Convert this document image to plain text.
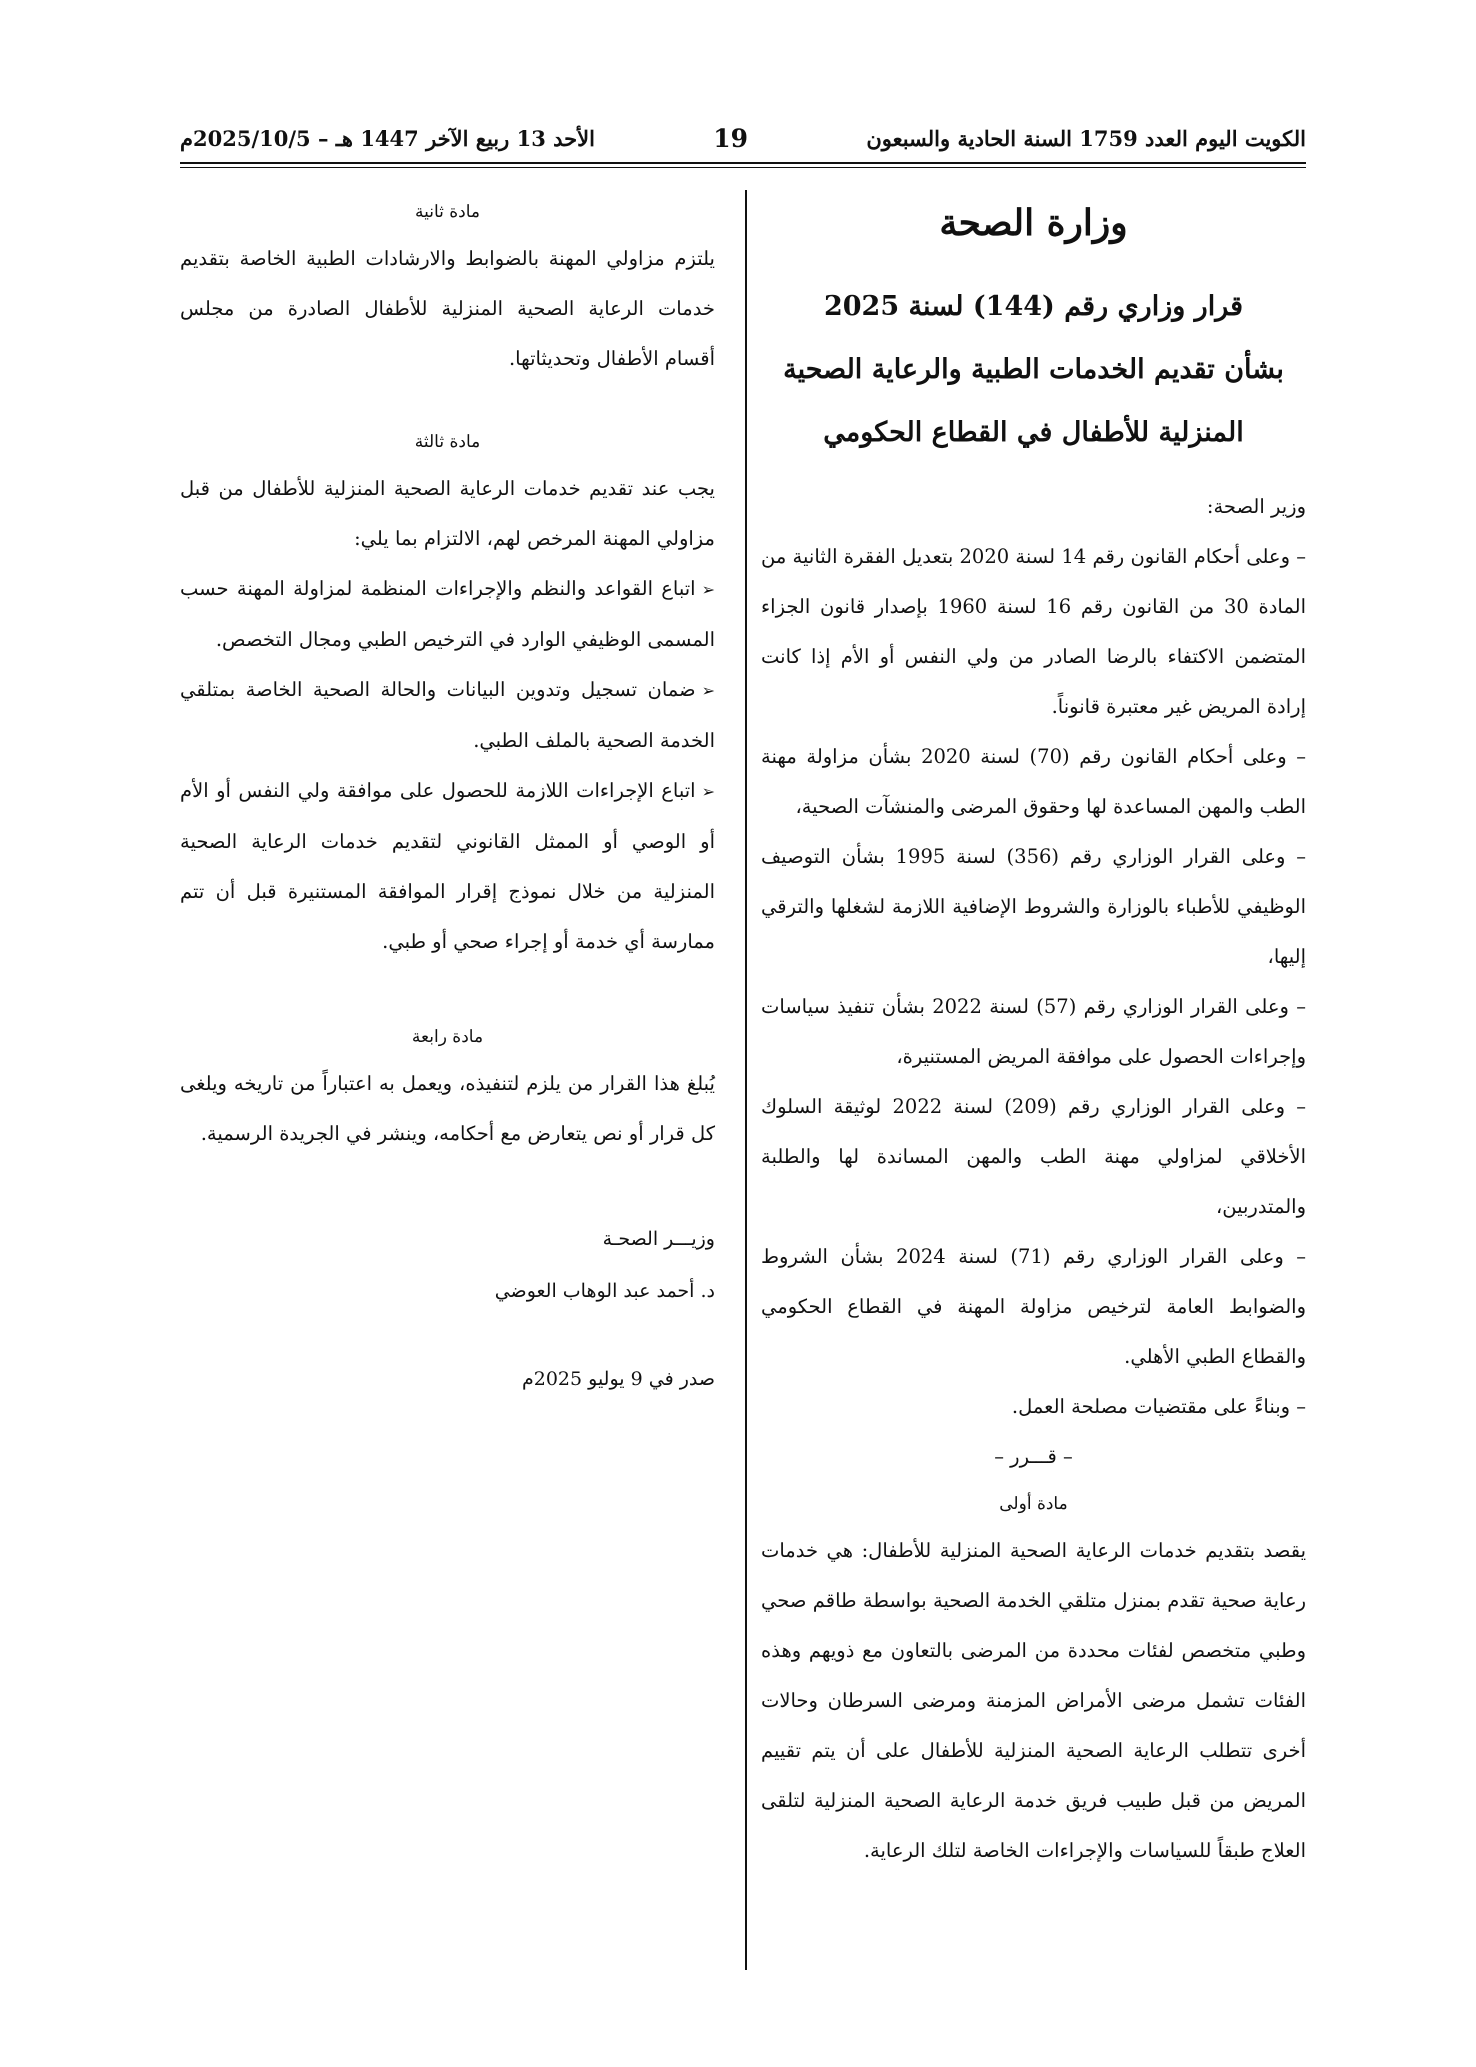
الكويت اليوم العدد 1759 السنة الحادية والسبعون
19
الأحد 13 ربيع الآخر 1447 هـ – 2025/10/5م
وزارة الصحة
قرار وزاري رقم (144) لسنة 2025
بشأن تقديم الخدمات الطبية والرعاية الصحية
المنزلية للأطفال في القطاع الحكومي

وزير الصحة:

– وعلى أحكام القانون رقم 14 لسنة 2020 بتعديل الفقرة الثانية من المادة 30 من القانون رقم 16 لسنة 1960 بإصدار قانون الجزاء المتضمن الاكتفاء بالرضا الصادر من ولي النفس أو الأم إذا كانت إرادة المريض غير معتبرة قانوناً.

– وعلى أحكام القانون رقم (70) لسنة 2020 بشأن مزاولة مهنة الطب والمهن المساعدة لها وحقوق المرضى والمنشآت الصحية،

– وعلى القرار الوزاري رقم (356) لسنة 1995 بشأن التوصيف الوظيفي للأطباء بالوزارة والشروط الإضافية اللازمة لشغلها والترقي إليها،

– وعلى القرار الوزاري رقم (57) لسنة 2022 بشأن تنفيذ سياسات وإجراءات الحصول على موافقة المريض المستنيرة،

– وعلى القرار الوزاري رقم (209) لسنة 2022 لوثيقة السلوك الأخلاقي لمزاولي مهنة الطب والمهن المساندة لها والطلبة والمتدربين،

– وعلى القرار الوزاري رقم (71) لسنة 2024 بشأن الشروط والضوابط العامة لترخيص مزاولة المهنة في القطاع الحكومي والقطاع الطبي الأهلي.

– وبناءً على مقتضيات مصلحة العمل.

– قـــرر –

مادة أولى

يقصد بتقديم خدمات الرعاية الصحية المنزلية للأطفال: هي خدمات رعاية صحية تقدم بمنزل متلقي الخدمة الصحية بواسطة طاقم صحي وطبي متخصص لفئات محددة من المرضى بالتعاون مع ذويهم وهذه الفئات تشمل مرضى الأمراض المزمنة ومرضى السرطان وحالات أخرى تتطلب الرعاية الصحية المنزلية للأطفال على أن يتم تقييم المريض من قبل طبيب فريق خدمة الرعاية الصحية المنزلية لتلقى العلاج طبقاً للسياسات والإجراءات الخاصة لتلك الرعاية.

مادة ثانية

يلتزم مزاولي المهنة بالضوابط والارشادات الطبية الخاصة بتقديم خدمات الرعاية الصحية المنزلية للأطفال الصادرة من مجلس أقسام الأطفال وتحديثاتها.

مادة ثالثة

يجب عند تقديم خدمات الرعاية الصحية المنزلية للأطفال من قبل مزاولي المهنة المرخص لهم، الالتزام بما يلي:

➢اتباع القواعد والنظم والإجراءات المنظمة لمزاولة المهنة حسب المسمى الوظيفي الوارد في الترخيص الطبي ومجال التخصص.

➢ضمان تسجيل وتدوين البيانات والحالة الصحية الخاصة بمتلقي الخدمة الصحية بالملف الطبي.

➢اتباع الإجراءات اللازمة للحصول على موافقة ولي النفس أو الأم أو الوصي أو الممثل القانوني لتقديم خدمات الرعاية الصحية المنزلية من خلال نموذج إقرار الموافقة المستنيرة قبل أن تتم ممارسة أي خدمة أو إجراء صحي أو طبي.

مادة رابعة

يُبلغ هذا القرار من يلزم لتنفيذه، ويعمل به اعتباراً من تاريخه ويلغى كل قرار أو نص يتعارض مع أحكامه، وينشر في الجريدة الرسمية.

وزيـــر الصحـة

د. أحمد عبد الوهاب العوضي

صدر في 9 يوليو 2025م
